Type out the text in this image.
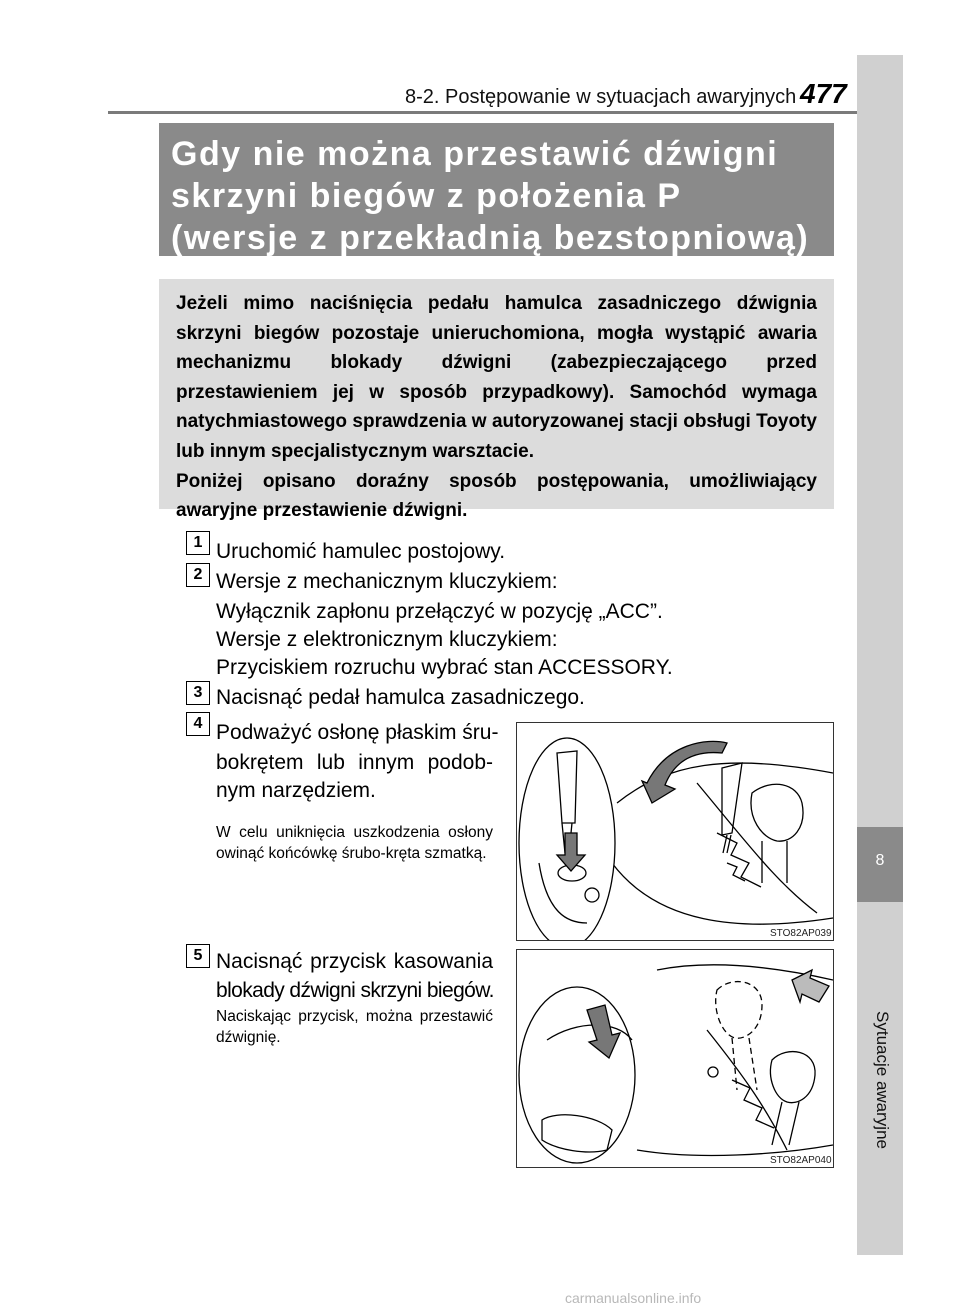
8-2. Postępowanie w sytuacjach awaryjnych 477
8
Sytuacje awaryjne
Gdy nie można przestawić dźwigni
skrzyni biegów z położenia P
(wersje z przekładnią bezstopniową)

Jeżeli mimo naciśnięcia pedału hamulca zasadniczego dźwignia skrzyni biegów pozostaje unieruchomiona, mogła wystąpić awaria mechanizmu blokady dźwigni (zabezpieczającego przed przestawieniem jej w sposób przypadkowy). Samochód wymaga natychmiastowego sprawdzenia w autoryzowanej stacji obsługi Toyoty lub innym specjalistycznym warsztacie.

Poniżej opisano doraźny sposób postępowania, umożliwiający awaryjne przestawienie dźwigni.

1 Uruchomić hamulec postojowy.
2 Wersje z mechanicznym kluczykiem:
Wyłącznik zapłonu przełączyć w pozycję „ACC”.
Wersje z elektronicznym kluczykiem:
Przyciskiem rozruchu wybrać stan ACCESSORY.
3 Nacisnąć pedał hamulca zasadniczego.
4 Podważyć osłonę płaskim śru-
bokrętem lub innym podob-
nym narzędziem.
W celu uniknięcia uszkodzenia osłony owinąć końcówkę śrubo-kręta szmatką.
STO82AP039
5 Nacisnąć przycisk kasowania
blokady dźwigni skrzyni biegów.
Naciskając przycisk, można przestawić dźwignię.
STO82AP040
carmanualsonline.info
